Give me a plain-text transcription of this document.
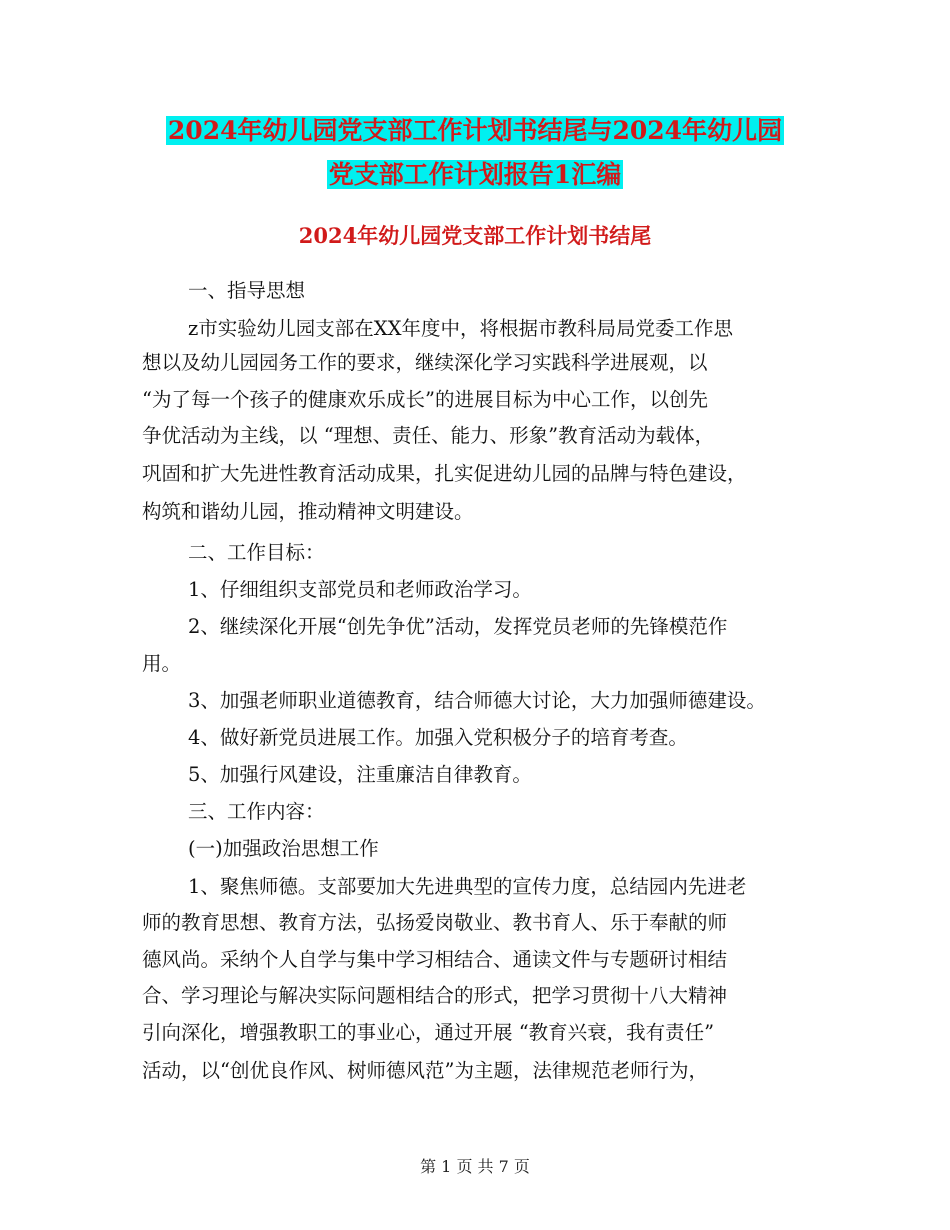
2024年幼儿园党支部工作计划书结尾与2024年幼儿园
党支部工作计划报告1汇编
2024年幼儿园党支部工作计划书结尾
一、指导思想
z市实验幼儿园支部在XX年度中，将根据市教科局局党委工作思
想以及幼儿园园务工作的要求，继续深化学习实践科学进展观，以
“为了每一个孩子的健康欢乐成长”的进展目标为中心工作，以创先
争优活动为主线，以 “理想、责任、能力、形象”教育活动为载体，
巩固和扩大先进性教育活动成果，扎实促进幼儿园的品牌与特色建设，
构筑和谐幼儿园，推动精神文明建设。
二、工作目标：
1、仔细组织支部党员和老师政治学习。
2、继续深化开展“创先争优”活动，发挥党员老师的先锋模范作
用。
3、加强老师职业道德教育，结合师德大讨论，大力加强师德建设。
4、做好新党员进展工作。加强入党积极分子的培育考查。
5、加强行风建设，注重廉洁自律教育。
三、工作内容：
(一)加强政治思想工作
1、聚焦师德。支部要加大先进典型的宣传力度，总结园内先进老
师的教育思想、教育方法，弘扬爱岗敬业、教书育人、乐于奉献的师
德风尚。采纳个人自学与集中学习相结合、通读文件与专题研讨相结
合、学习理论与解决实际问题相结合的形式，把学习贯彻十八大精神
引向深化，增强教职工的事业心，通过开展 “教育兴衰，我有责任”
活动，以“创优良作风、树师德风范”为主题，法律规范老师行为，
第 1 页 共 7 页
